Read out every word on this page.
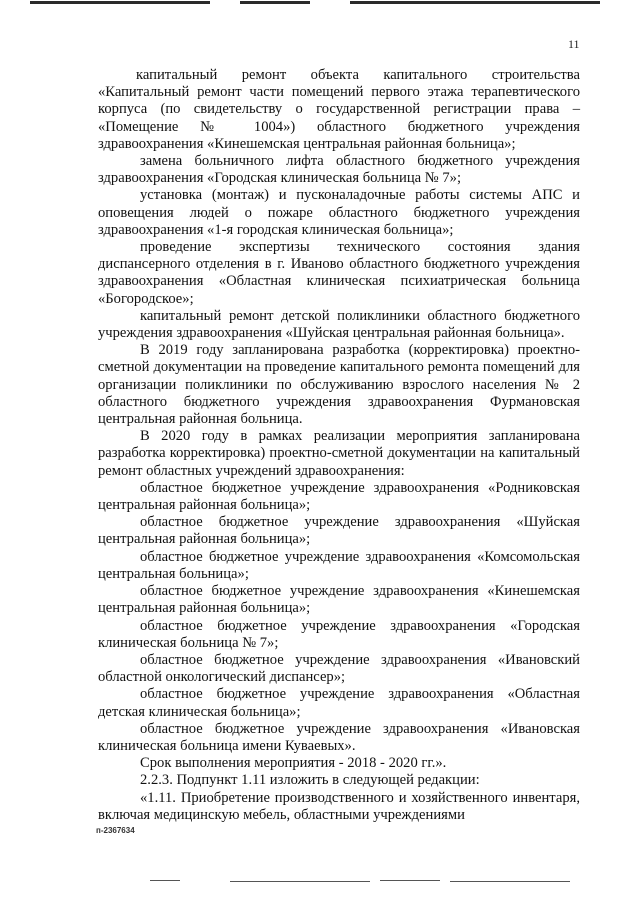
11

капитальный ремонт объекта капитального строительства «Капитальный ремонт части помещений первого этажа терапевтического корпуса (по свидетельству о государственной регистрации права – «Помещение № 1004») областного бюджетного учреждения здравоохранения «Кинешемская центральная районная больница»;

замена больничного лифта областного бюджетного учреждения здравоохранения «Городская клиническая больница № 7»;

установка (монтаж) и пусконаладочные работы системы АПС и оповещения людей о пожаре областного бюджетного учреждения здравоохранения «1-я городская клиническая больница»;

проведение экспертизы технического состояния здания диспансерного отделения в г. Иваново областного бюджетного учреждения здравоохранения «Областная клиническая психиатрическая больница «Богородское»;

капитальный ремонт детской поликлиники областного бюджетного учреждения здравоохранения «Шуйская центральная районная больница».

В 2019 году запланирована разработка (корректировка) проектно-сметной документации на проведение капитального ремонта помещений для организации поликлиники по обслуживанию взрослого населения № 2 областного бюджетного учреждения здравоохранения Фурмановская центральная районная больница.

В 2020 году в рамках реализации мероприятия запланирована разработка корректировка) проектно-сметной документации на капитальный ремонт областных учреждений здравоохранения:

областное бюджетное учреждение здравоохранения «Родниковская центральная районная больница»;

областное бюджетное учреждение здравоохранения «Шуйская центральная районная больница»;

областное бюджетное учреждение здравоохранения «Комсомольская центральная больница»;

областное бюджетное учреждение здравоохранения «Кинешемская центральная районная больница»;

областное бюджетное учреждение здравоохранения «Городская клиническая больница № 7»;

областное бюджетное учреждение здравоохранения «Ивановский областной онкологический диспансер»;

областное бюджетное учреждение здравоохранения «Областная детская клиническая больница»;

областное бюджетное учреждение здравоохранения «Ивановская клиническая больница имени Куваевых».

Срок выполнения мероприятия - 2018 - 2020 гг.».

2.2.3. Подпункт 1.11 изложить в следующей редакции:

«1.11. Приобретение производственного и хозяйственного инвентаря, включая медицинскую мебель, областными учреждениями

п-2367634
